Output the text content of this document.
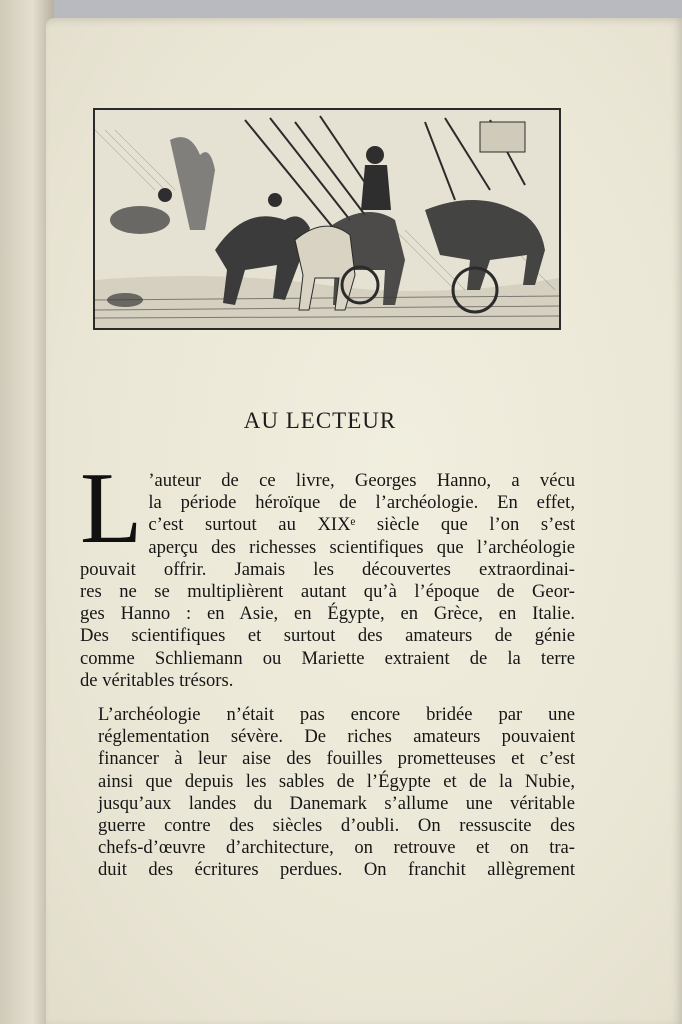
AU LECTEUR
L ’auteur de ce livre, Georges Hanno, a vécu
la période héroïque de l’archéologie. En effet,
c’est surtout au XIXᵉ siècle que l’on s’est
aperçu des richesses scientifiques que l’archéologie
pouvait offrir. Jamais les découvertes extraordinai-
res ne se multiplièrent autant qu’à l’époque de Geor-
ges Hanno : en Asie, en Égypte, en Grèce, en Italie.
Des scientifiques et surtout des amateurs de génie
comme Schliemann ou Mariette extraient de la terre
de véritables trésors.
L’archéologie n’était pas encore bridée par une
réglementation sévère. De riches amateurs pouvaient
financer à leur aise des fouilles prometteuses et c’est
ainsi que depuis les sables de l’Égypte et de la Nubie,
jusqu’aux landes du Danemark s’allume une véritable
guerre contre des siècles d’oubli. On ressuscite des
chefs-d’œuvre d’architecture, on retrouve et on tra-
duit des écritures perdues. On franchit allègrement
